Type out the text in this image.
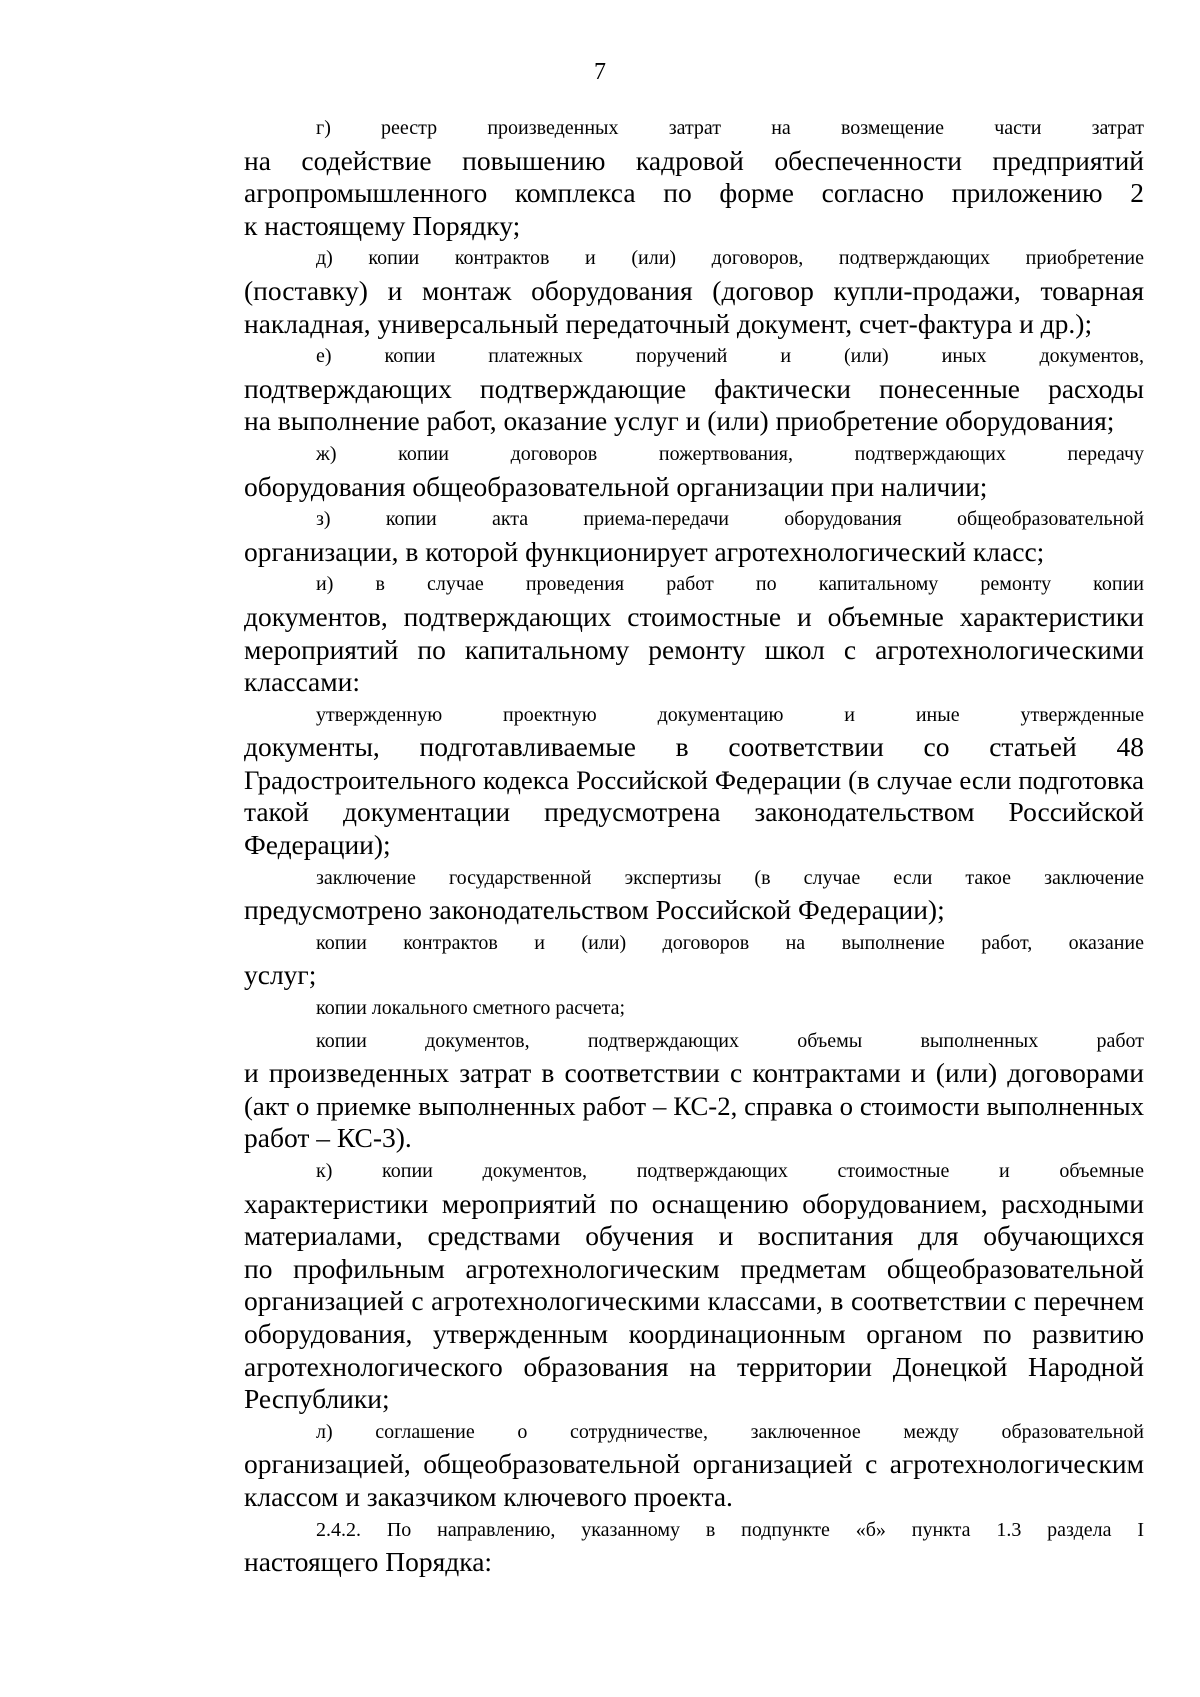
7
г) реестр произведенных затрат на возмещение части затрат
на содействие повышению кадровой обеспеченности предприятий
агропромышленного комплекса по форме согласно приложению 2
к настоящему Порядку;
д) копии контрактов и (или) договоров, подтверждающих приобретение
(поставку) и монтаж оборудования (договор купли-продажи, товарная
накладная, универсальный передаточный документ, счет-фактура и др.);
е) копии платежных поручений и (или) иных документов,
подтверждающих подтверждающие фактически понесенные расходы
на выполнение работ, оказание услуг и (или) приобретение оборудования;
ж) копии договоров пожертвования, подтверждающих передачу
оборудования общеобразовательной организации при наличии;
з) копии акта приема-передачи оборудования общеобразовательной
организации, в которой функционирует агротехнологический класс;
и) в случае проведения работ по капитальному ремонту копии
документов, подтверждающих стоимостные и объемные характеристики
мероприятий по капитальному ремонту школ с агротехнологическими
классами:
утвержденную проектную документацию и иные утвержденные
документы, подготавливаемые в соответствии со статьей 48
Градостроительного кодекса Российской Федерации (в случае если подготовка
такой документации предусмотрена законодательством Российской
Федерации);
заключение государственной экспертизы (в случае если такое заключение
предусмотрено законодательством Российской Федерации);
копии контрактов и (или) договоров на выполнение работ, оказание
услуг;
копии локального сметного расчета;
копии документов, подтверждающих объемы выполненных работ
и произведенных затрат в соответствии с контрактами и (или) договорами
(акт о приемке выполненных работ – КС-2, справка о стоимости выполненных
работ – КС-3).
к) копии документов, подтверждающих стоимостные и объемные
характеристики мероприятий по оснащению оборудованием, расходными
материалами, средствами обучения и воспитания для обучающихся
по профильным агротехнологическим предметам общеобразовательной
организацией с агротехнологическими классами, в соответствии с перечнем
оборудования, утвержденным координационным органом по развитию
агротехнологического образования на территории Донецкой Народной
Республики;
л) соглашение о сотрудничестве, заключенное между образовательной
организацией, общеобразовательной организацией с агротехнологическим
классом и заказчиком ключевого проекта.
2.4.2. По направлению, указанному в подпункте «б» пункта 1.3 раздела I
настоящего Порядка:
